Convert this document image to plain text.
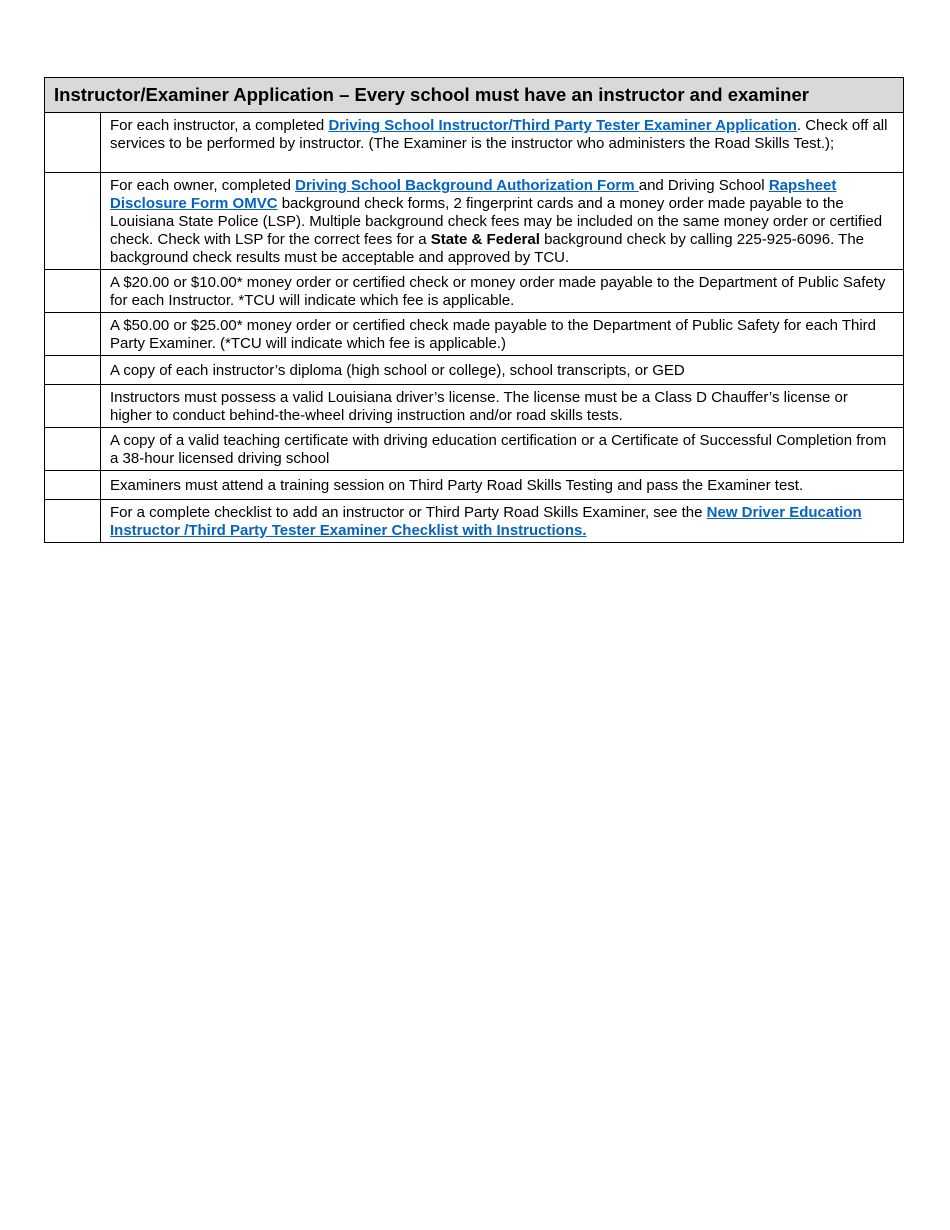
Instructor/Examiner Application – Every school must have an instructor and examiner	
	For each instructor, a completed Driving School Instructor/Third Party Tester Examiner Application. Check off all services to be performed by instructor. (The Examiner is the instructor who administers the Road Skills Test.);
	For each owner, completed Driving School Background Authorization Form and Driving School Rapsheet Disclosure Form OMVC background check forms, 2 fingerprint cards and a money order made payable to the Louisiana State Police (LSP). Multiple background check fees may be included on the same money order or certified check. Check with LSP for the correct fees for a State & Federal background check by calling 225-925-6096. The background check results must be acceptable and approved by TCU.
	A $20.00 or $10.00* money order or certified check or money order made payable to the Department of Public Safety for each Instructor. *TCU will indicate which fee is applicable.
	A $50.00 or $25.00* money order or certified check made payable to the Department of Public Safety for each Third Party Examiner. (*TCU will indicate which fee is applicable.)
	A copy of each instructor’s diploma (high school or college), school transcripts, or GED
	Instructors must possess a valid Louisiana driver’s license. The license must be a Class D Chauffer’s license or higher to conduct behind-the-wheel driving instruction and/or road skills tests.
	A copy of a valid teaching certificate with driving education certification or a Certificate of Successful Completion from a 38-hour licensed driving school
	Examiners must attend a training session on Third Party Road Skills Testing and pass the Examiner test.
	For a complete checklist to add an instructor or Third Party Road Skills Examiner, see the New Driver Education Instructor /Third Party Tester Examiner Checklist with Instructions.
